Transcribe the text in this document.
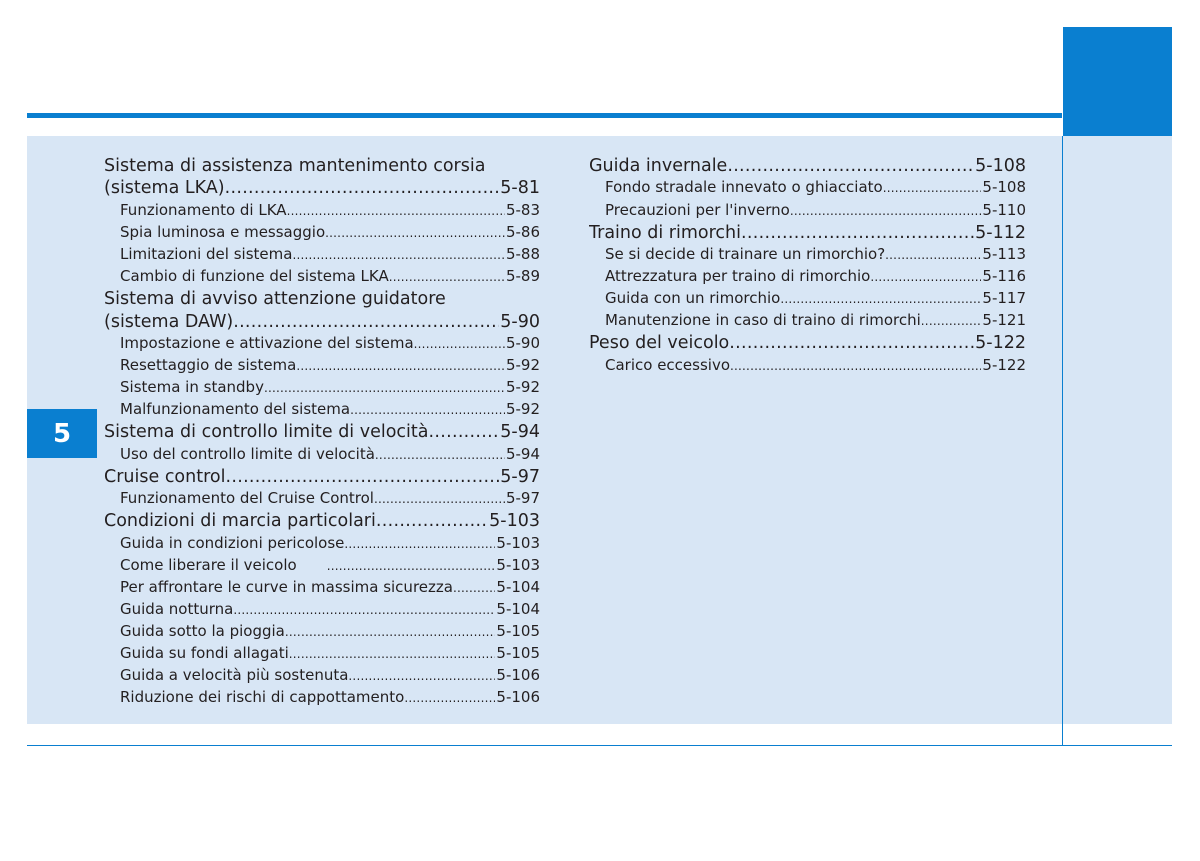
5
Sistema di assistenza mantenimento corsia
(sistema LKA) .....	5-81
Funzionamento di LKA .....	5-83
Spia luminosa e messaggio .....	5-86
Limitazioni del sistema .....	5-88
Cambio di funzione del sistema LKA .....	5-89
Sistema di avviso attenzione guidatore
(sistema DAW) .....	5-90
Impostazione e attivazione del sistema .....	5-90
Resettaggio de sistema .....	5-92
Sistema in standby .....	5-92
Malfunzionamento del sistema .....	5-92
Sistema di controllo limite di velocità .....	5-94
Uso del controllo limite di velocità .....	5-94
Cruise control .....	5-97
Funzionamento del Cruise Control .....	5-97
Condizioni di marcia particolari .....	5-103
Guida in condizioni pericolose .....	5-103
Come liberare il veicolo .....	5-103
Per affrontare le curve in massima sicurezza .....	5-104
Guida notturna .....	5-104
Guida sotto la pioggia .....	5-105
Guida su fondi allagati .....	5-105
Guida a velocità più sostenuta .....	5-106
Riduzione dei rischi di cappottamento .....	5-106
Guida invernale .....	5-108
Fondo stradale innevato o ghiacciato .....	5-108
Precauzioni per l'inverno .....	5-110
Traino di rimorchi .....	5-112
Se si decide di trainare un rimorchio? .....	5-113
Attrezzatura per traino di rimorchio .....	5-116
Guida con un rimorchio .....	5-117
Manutenzione in caso di traino di rimorchi .....	5-121
Peso del veicolo .....	5-122
Carico eccessivo .....	5-122
